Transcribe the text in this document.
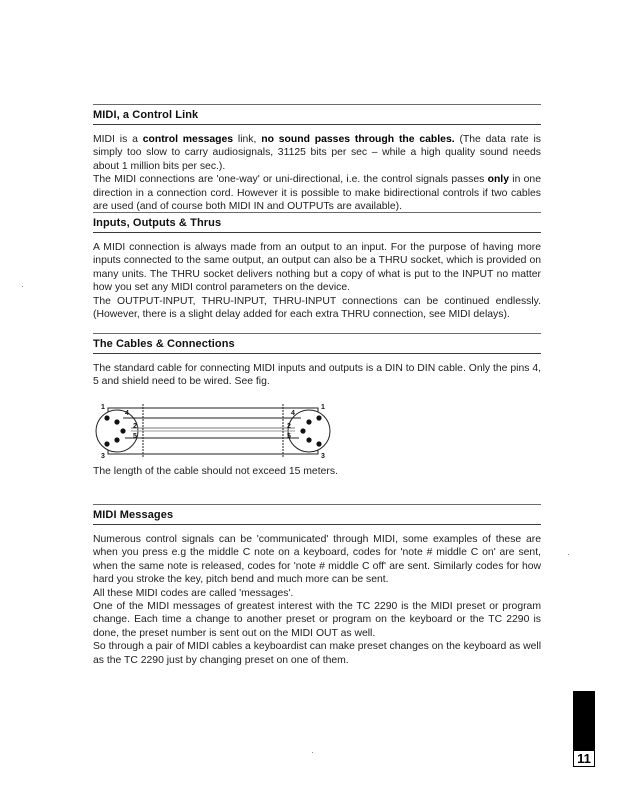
MIDI, a Control Link

MIDI is a control messages link, no sound passes through the cables. (The data rate is simply too slow to carry audiosignals, 31125 bits per sec – while a high quality sound needs about 1 million bits per sec.).

The MIDI connections are 'one-way' or uni-directional, i.e. the control signals passes only in one direction in a connection cord. However it is possible to make bidirectional controls if two cables are used (and of course both MIDI IN and OUTPUTs are available).

Inputs, Outputs & Thrus

A MIDI connection is always made from an output to an input. For the purpose of having more inputs connected to the same output, an output can also be a THRU socket, which is provided on many units. The THRU socket delivers nothing but a copy of what is put to the INPUT no matter how you set any MIDI control parameters on the device.

The OUTPUT-INPUT, THRU-INPUT, THRU-INPUT connections can be continued endlessly. (However, there is a slight delay added for each extra THRU connection, see MIDI delays).

The Cables & Connections

The standard cable for connecting MIDI inputs and outputs is a DIN to DIN cable. Only the pins 4, 5 and shield need to be wired. See fig.

1
4
2
5
3
1
4
2
5
3
The length of the cable should not exceed 15 meters.
MIDI Messages

Numerous control signals can be 'communicated' through MIDI, some examples of these are when you press e.g the middle C note on a keyboard, codes for 'note # middle C on' are sent, when the same note is released, codes for 'note # middle C off' are sent. Similarly codes for how hard you stroke the key, pitch bend and much more can be sent.

All these MIDI codes are called 'messages'.

One of the MIDI messages of greatest interest with the TC 2290 is the MIDI preset or program change. Each time a change to another preset or program on the keyboard or the TC 2290 is done, the preset number is sent out on the MIDI OUT as well.

So through a pair of MIDI cables a keyboardist can make preset changes on the keyboard as well as the TC 2290 just by changing preset on one of them.

11
